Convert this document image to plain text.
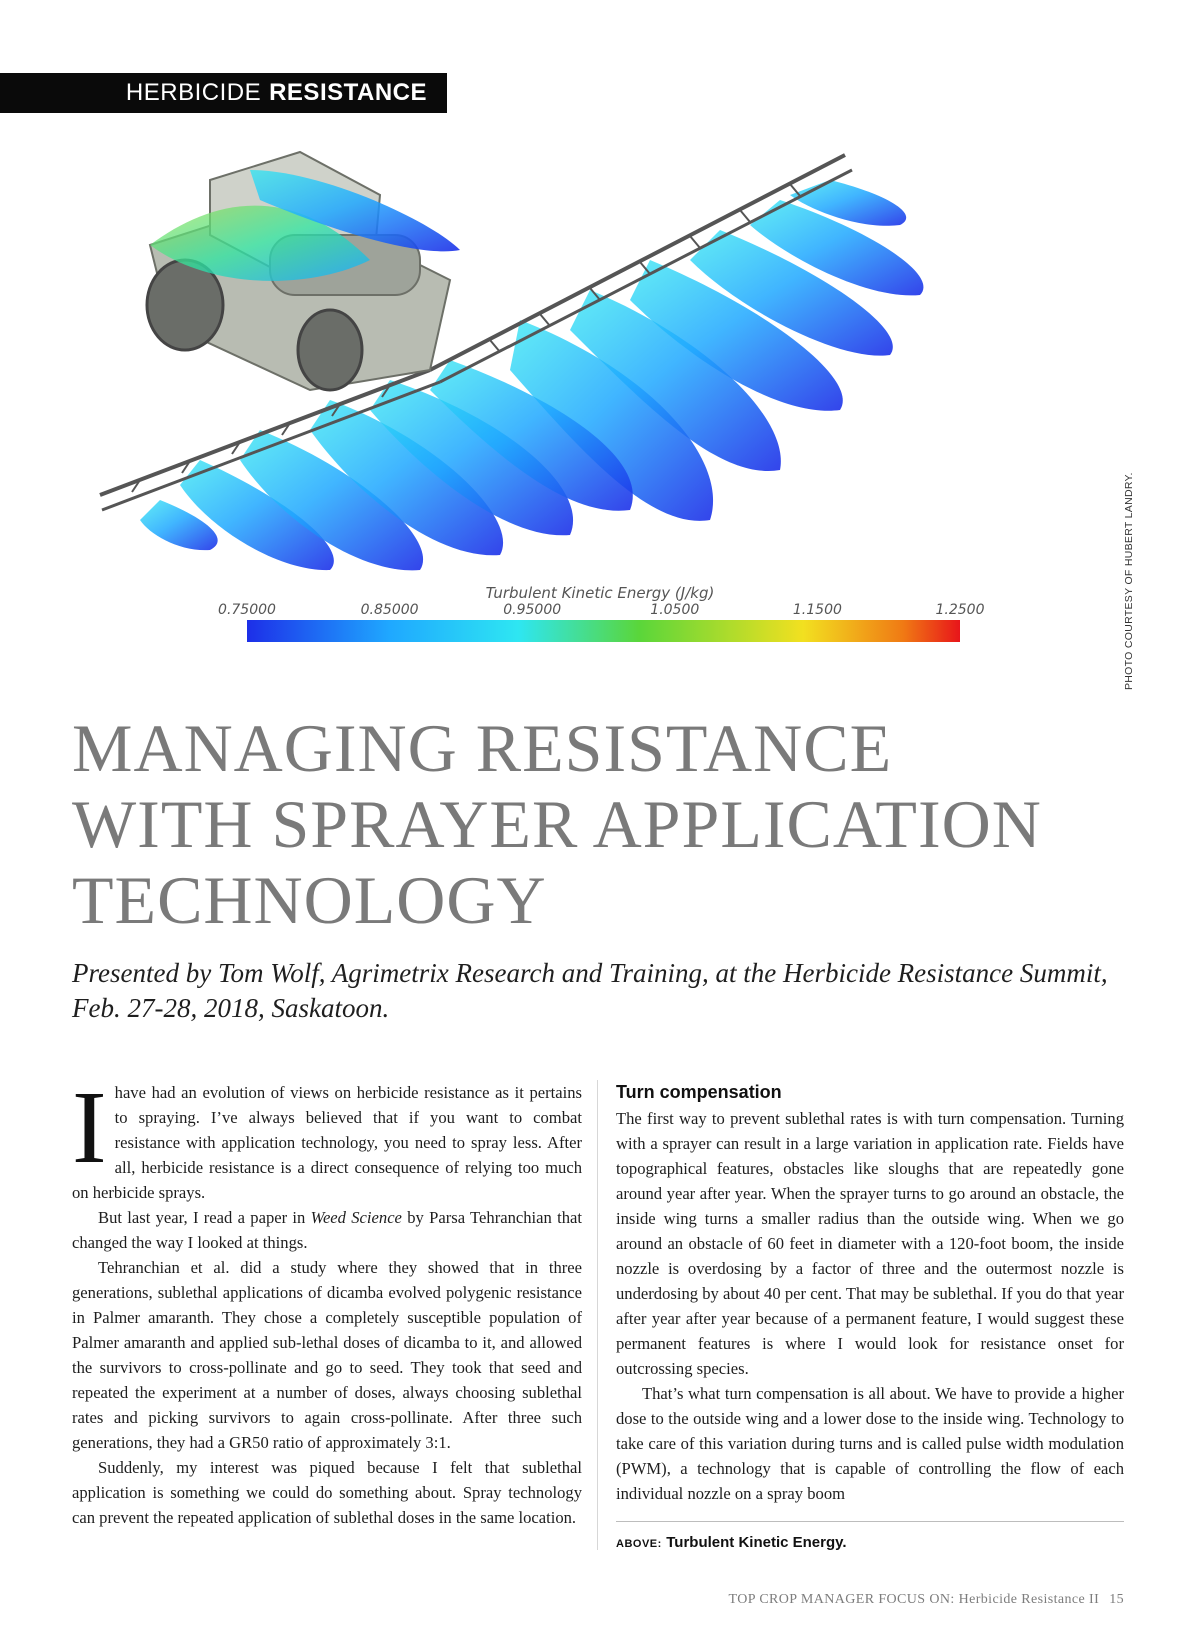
HERBICIDE RESISTANCE
Turbulent Kinetic Energy (J/kg)
0.75000	0.85000	0.95000	1.0500	1.1500	1.2500	PHOTO COURTESY OF HUBERT LANDRY.
MANAGING RESISTANCE
WITH SPRAYER APPLICATION
TECHNOLOGY

Presented by Tom Wolf, Agrimetrix Research and Training, at the Herbicide Resistance Summit, Feb. 27-28, 2018, Saskatoon.

Ihave had an evolution of views on herbicide resistance as it pertains to spraying. I’ve always believed that if you want to combat resistance with application technology, you need to spray less. After all, herbicide resistance is a direct consequence of relying too much on herbicide sprays.

But last year, I read a paper in Weed Science by Parsa Tehranchian that changed the way I looked at things.

Tehranchian et al. did a study where they showed that in three generations, sublethal applications of dicamba evolved polygenic resistance in Palmer amaranth. They chose a completely susceptible population of Palmer amaranth and applied sub-lethal doses of dicamba to it, and allowed the survivors to cross-pollinate and go to seed. They took that seed and repeated the experiment at a number of doses, always choosing sublethal rates and picking survivors to again cross-pollinate. After three such generations, they had a GR50 ratio of approximately 3:1.

Suddenly, my interest was piqued because I felt that sublethal application is something we could do something about. Spray technology can prevent the repeated application of sublethal doses in the same location.

Turn compensation

The first way to prevent sublethal rates is with turn compensation. Turning with a sprayer can result in a large variation in application rate. Fields have topographical features, obstacles like sloughs that are repeatedly gone around year after year. When the sprayer turns to go around an obstacle, the inside wing turns a smaller radius than the outside wing. When we go around an obstacle of 60 feet in diameter with a 120-foot boom, the inside nozzle is overdosing by a factor of three and the outermost nozzle is underdosing by about 40 per cent. That may be sublethal. If you do that year after year after year because of a permanent feature, I would suggest these permanent features is where I would look for resistance onset for outcrossing species.

That’s what turn compensation is all about. We have to provide a higher dose to the outside wing and a lower dose to the inside wing. Technology to take care of this variation during turns and is called pulse width modulation (PWM), a technology that is capable of controlling the flow of each individual nozzle on a spray boom

ABOVE: Turbulent Kinetic Energy.
TOP CROP MANAGER FOCUS ON: Herbicide Resistance II 15
